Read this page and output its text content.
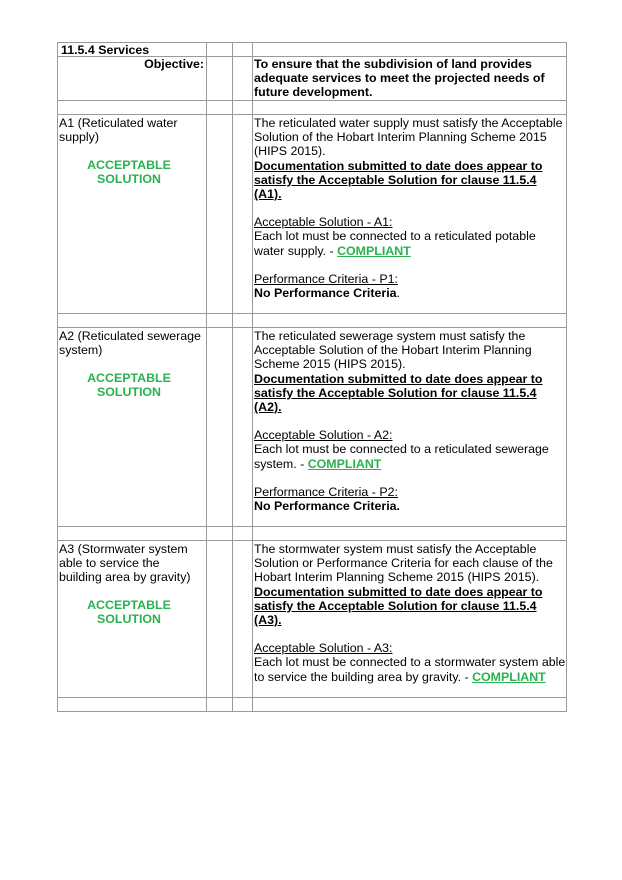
11.5.4 Services
Objective:	To ensure that the subdivision of land provides adequate services to meet the projected needs of future development.
A1 (Reticulated water supply)
ACCEPTABLE SOLUTION
The reticulated water supply must satisfy the Acceptable Solution of the Hobart Interim Planning Scheme 2015 (HIPS 2015).
Documentation submitted to date does appear to satisfy the Acceptable Solution for clause 11.5.4 (A1).
Acceptable Solution - A1:
Each lot must be connected to a reticulated potable water supply. - COMPLIANT
Performance Criteria - P1:
No Performance Criteria.
A2 (Reticulated sewerage system)
ACCEPTABLE SOLUTION
The reticulated sewerage system must satisfy the Acceptable Solution of the Hobart Interim Planning Scheme 2015 (HIPS 2015).
Documentation submitted to date does appear to satisfy the Acceptable Solution for clause 11.5.4 (A2).
Acceptable Solution - A2:
Each lot must be connected to a reticulated sewerage system. - COMPLIANT
Performance Criteria - P2:
No Performance Criteria.
A3 (Stormwater system able to service the building area by gravity)
ACCEPTABLE SOLUTION
The stormwater system must satisfy the Acceptable Solution or Performance Criteria for each clause of the Hobart Interim Planning Scheme 2015 (HIPS 2015).
Documentation submitted to date does appear to satisfy the Acceptable Solution for clause 11.5.4 (A3).
Acceptable Solution - A3:
Each lot must be connected to a stormwater system able to service the building area by gravity. - COMPLIANT
